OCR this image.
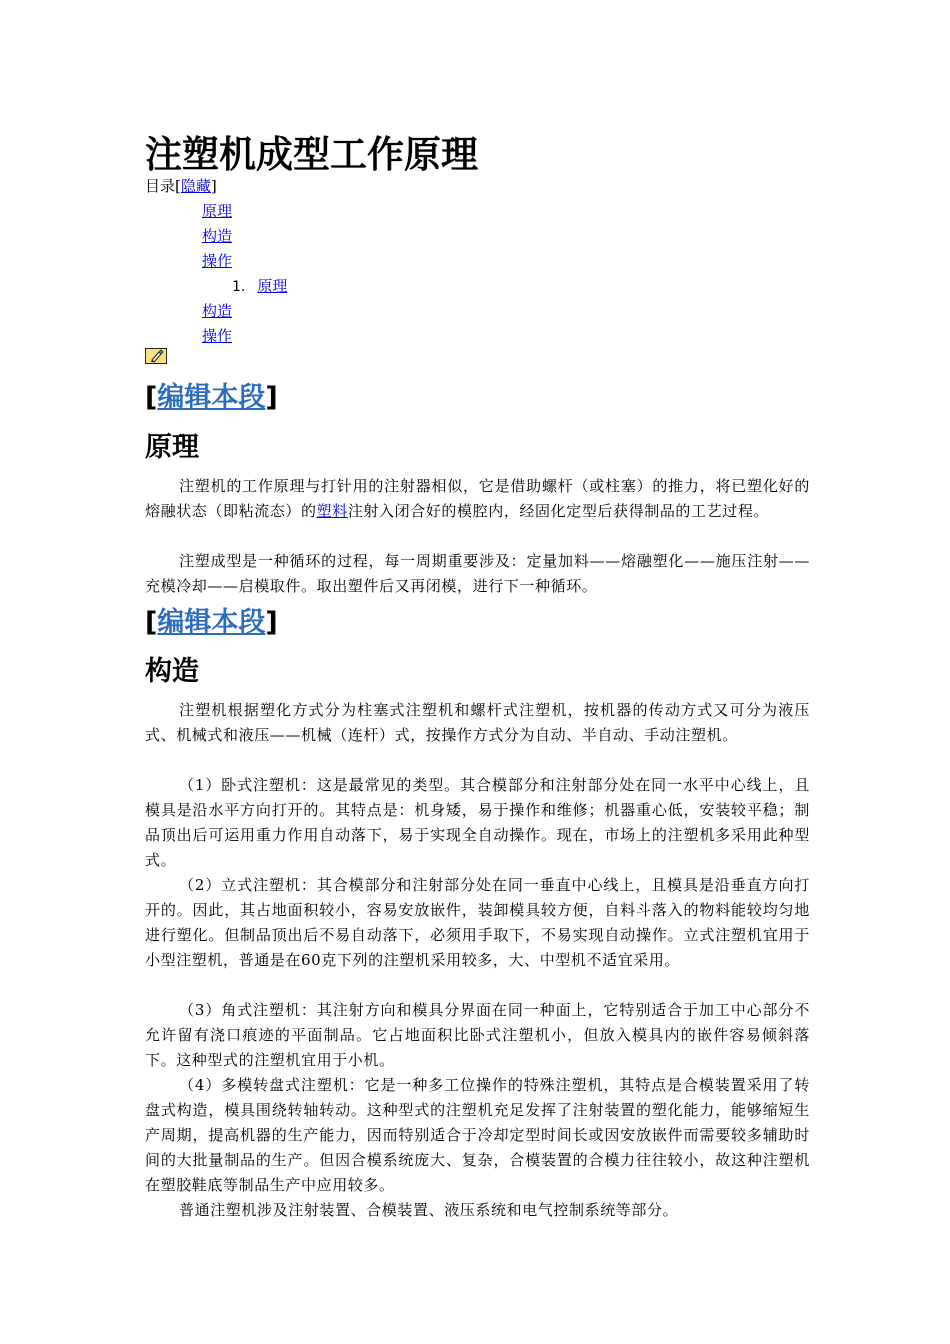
注塑机成型工作原理
目录[隐藏]
原理
构造
操作
1. 原理
构造
操作
[编辑本段]
原理

注塑机的工作原理与打针用的注射器相似，它是借助螺杆（或柱塞）的推力，将已塑化好的熔融状态（即粘流态）的塑料注射入闭合好的模腔内，经固化定型后获得制品的工艺过程。

注塑成型是一种循环的过程，每一周期重要涉及：定量加料——熔融塑化——施压注射——充模冷却——启模取件。取出塑件后又再闭模，进行下一种循环。

[编辑本段]
构造

注塑机根据塑化方式分为柱塞式注塑机和螺杆式注塑机，按机器的传动方式又可分为液压式、机械式和液压——机械（连杆）式，按操作方式分为自动、半自动、手动注塑机。

（1）卧式注塑机：这是最常见的类型。其合模部分和注射部分处在同一水平中心线上，且模具是沿水平方向打开的。其特点是：机身矮，易于操作和维修；机器重心低，安装较平稳；制品顶出后可运用重力作用自动落下，易于实现全自动操作。现在，市场上的注塑机多采用此种型式。

（2）立式注塑机：其合模部分和注射部分处在同一垂直中心线上，且模具是沿垂直方向打开的。因此，其占地面积较小，容易安放嵌件，装卸模具较方便，自料斗落入的物料能较均匀地进行塑化。但制品顶出后不易自动落下，必须用手取下，不易实现自动操作。立式注塑机宜用于小型注塑机，普通是在60克下列的注塑机采用较多，大、中型机不适宜采用。

（3）角式注塑机：其注射方向和模具分界面在同一种面上，它特别适合于加工中心部分不允许留有浇口痕迹的平面制品。它占地面积比卧式注塑机小，但放入模具内的嵌件容易倾斜落下。这种型式的注塑机宜用于小机。

（4）多模转盘式注塑机：它是一种多工位操作的特殊注塑机，其特点是合模装置采用了转盘式构造，模具围绕转轴转动。这种型式的注塑机充足发挥了注射装置的塑化能力，能够缩短生产周期，提高机器的生产能力，因而特别适合于冷却定型时间长或因安放嵌件而需要较多辅助时间的大批量制品的生产。但因合模系统庞大、复杂，合模装置的合模力往往较小，故这种注塑机在塑胶鞋底等制品生产中应用较多。

普通注塑机涉及注射装置、合模装置、液压系统和电气控制系统等部分。
